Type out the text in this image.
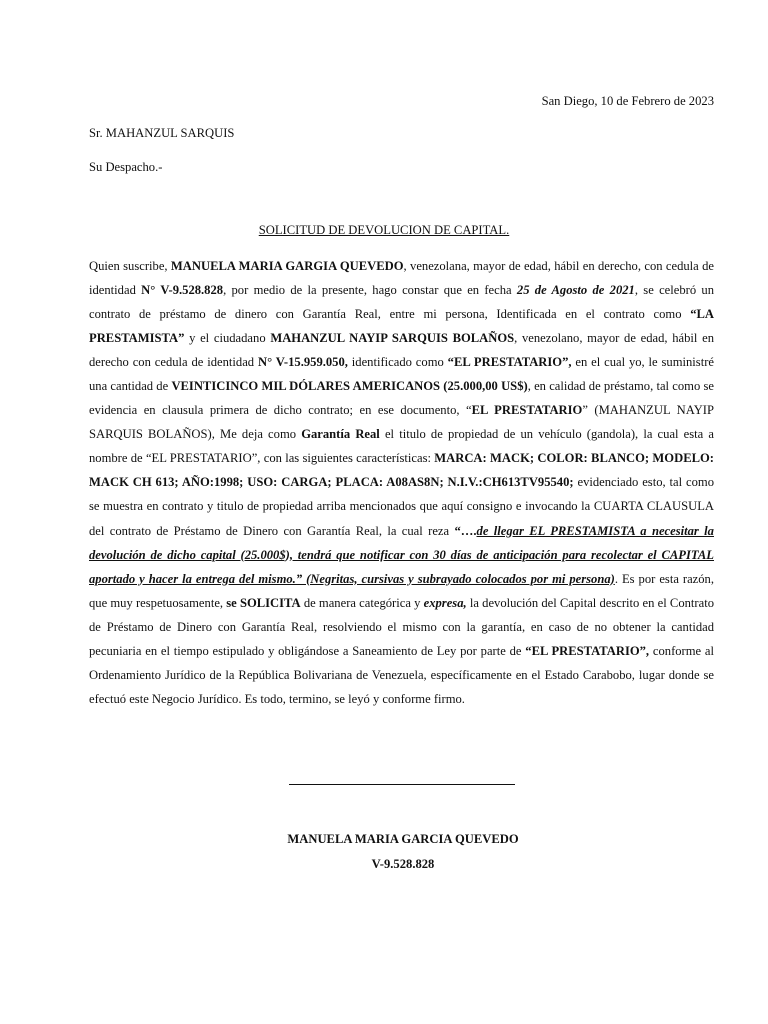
San Diego, 10 de Febrero de 2023
Sr. MAHANZUL SARQUIS
Su Despacho.-
SOLICITUD DE DEVOLUCION DE CAPITAL.

Quien suscribe, MANUELA MARIA GARGIA QUEVEDO, venezolana, mayor de edad, hábil en derecho, con cedula de identidad N° V-9.528.828, por medio de la presente, hago constar que en fecha 25 de Agosto de 2021, se celebró un contrato de préstamo de dinero con Garantía Real, entre mi persona, Identificada en el contrato como “LA PRESTAMISTA” y el ciudadano MAHANZUL NAYIP SARQUIS BOLAÑOS, venezolano, mayor de edad, hábil en derecho con cedula de identidad N° V-15.959.050, identificado como “EL PRESTATARIO”, en el cual yo, le suministré una cantidad de VEINTICINCO MIL DÓLARES AMERICANOS (25.000,00 US$), en calidad de préstamo, tal como se evidencia en clausula primera de dicho contrato; en ese documento, “EL PRESTATARIO” (MAHANZUL NAYIP SARQUIS BOLAÑOS), Me deja como Garantía Real el titulo de propiedad de un vehículo (gandola), la cual esta a nombre de “EL PRESTATARIO”, con las siguientes características: MARCA: MACK; COLOR: BLANCO; MODELO: MACK CH 613; AÑO:1998; USO: CARGA; PLACA: A08AS8N; N.I.V.:CH613TV95540; evidenciado esto, tal como se muestra en contrato y titulo de propiedad arriba mencionados que aquí consigno e invocando la CUARTA CLAUSULA del contrato de Préstamo de Dinero con Garantía Real, la cual reza “….de llegar EL PRESTAMISTA a necesitar la devolución de dicho capital (25.000$), tendrá que notificar con 30 días de anticipación para recolectar el CAPITAL aportado y hacer la entrega del mismo.” (Negritas, cursivas y subrayado colocados por mi persona). Es por esta razón, que muy respetuosamente, se SOLICITA de manera categórica y expresa, la devolución del Capital descrito en el Contrato de Préstamo de Dinero con Garantía Real, resolviendo el mismo con la garantía, en caso de no obtener la cantidad pecuniaria en el tiempo estipulado y obligándose a Saneamiento de Ley por parte de “EL PRESTATARIO”, conforme al Ordenamiento Jurídico de la República Bolivariana de Venezuela, específicamente en el Estado Carabobo, lugar donde se efectuó este Negocio Jurídico. Es todo, termino, se leyó y conforme firmo.

MANUELA MARIA GARCIA QUEVEDO
V-9.528.828
